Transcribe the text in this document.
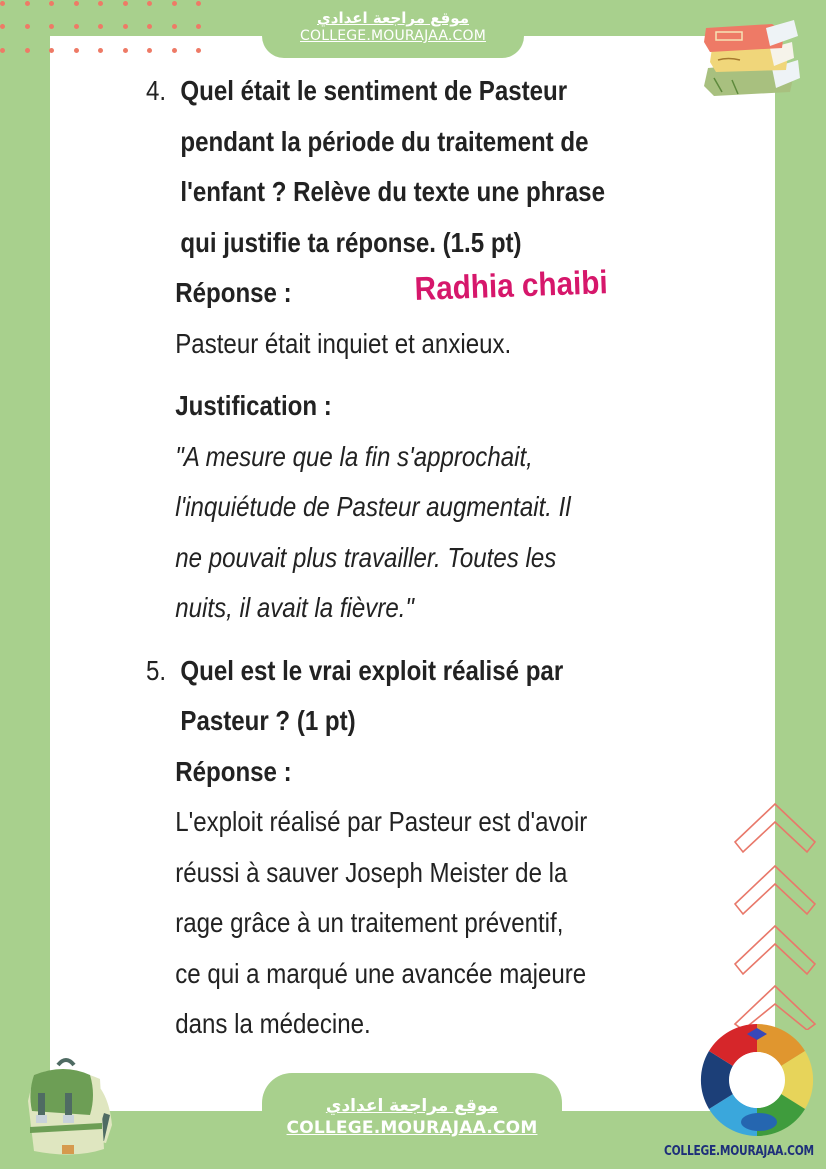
موقع مراجعة اعدادي
COLLEGE.MOURAJAA.COM
4. Quel était le sentiment de Pasteur
pendant la période du traitement de
l'enfant ? Relève du texte une phrase
qui justifie ta réponse. (1.5 pt)
Réponse :
Pasteur était inquiet et anxieux.
Justification :
"A mesure que la fin s'approchait,
l'inquiétude de Pasteur augmentait. Il
ne pouvait plus travailler. Toutes les
nuits, il avait la fièvre."
5. Quel est le vrai exploit réalisé par
Pasteur ? (1 pt)
Réponse :
L'exploit réalisé par Pasteur est d'avoir
réussi à sauver Joseph Meister de la
rage grâce à un traitement préventif,
ce qui a marqué une avancée majeure
dans la médecine.
Radhia chaibi
موقع مراجعة اعدادي
COLLEGE.MOURAJAA.COM
COLLEGE.MOURAJAA.COM
